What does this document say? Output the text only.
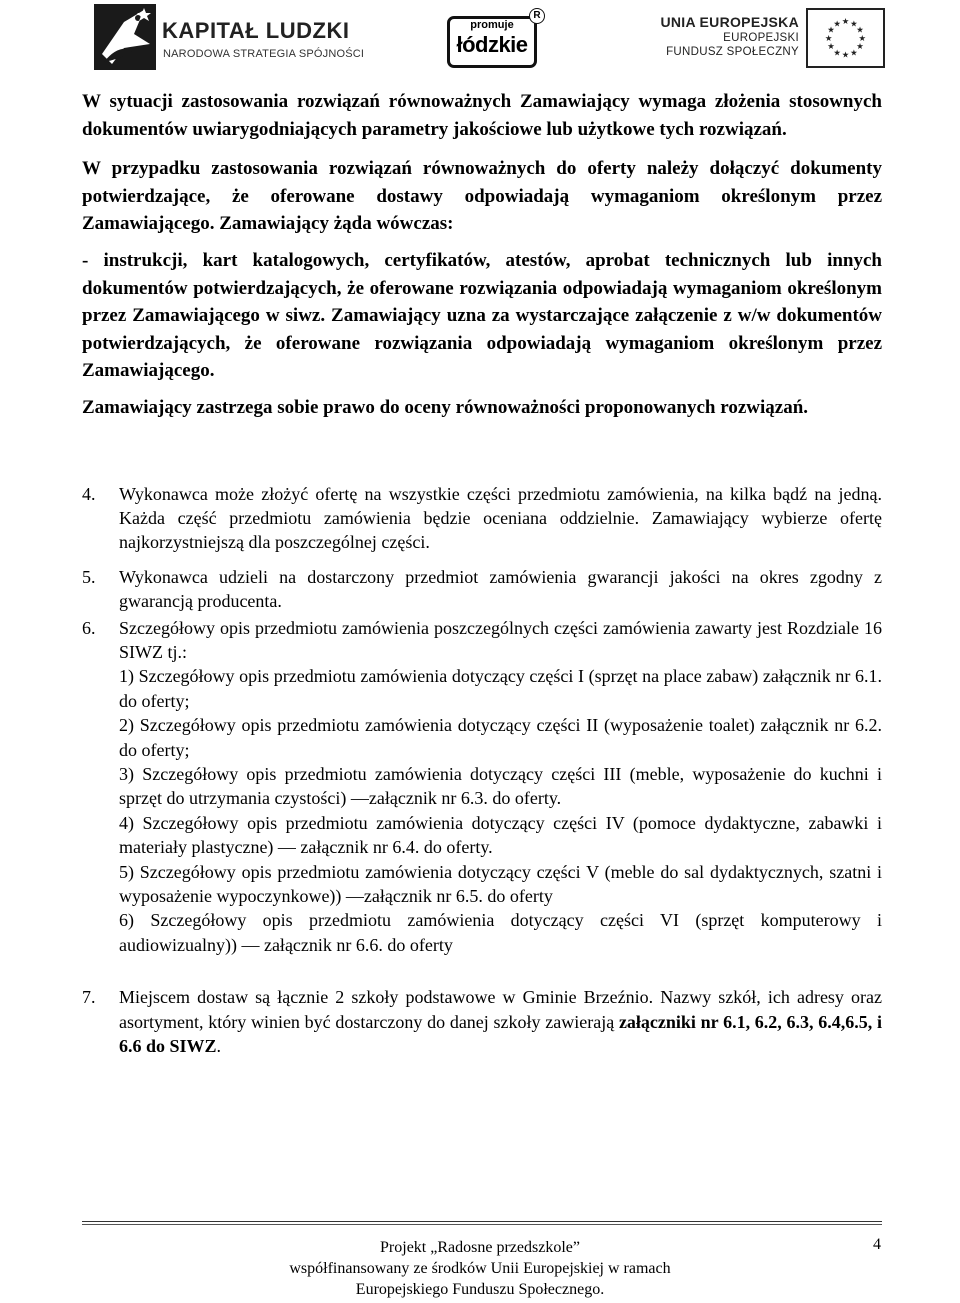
KAPITAŁ LUDZKI
NARODOWA STRATEGIA SPÓJNOŚCI
promuje
łódzkie
R	UNIA EUROPEJSKA
EUROPEJSKI
FUNDUSZ SPOŁECZNY
★ ★
★
★
★
★
★
★
★
★
★
★

W sytuacji zastosowania rozwiązań równoważnych Zamawiający wymaga złożenia stosownych dokumentów uwiarygodniających parametry jakościowe lub użytkowe tych rozwiązań.

W przypadku zastosowania rozwiązań równoważnych do oferty należy dołączyć dokumenty potwierdzające, że oferowane dostawy odpowiadają wymaganiom określonym przez Zamawiającego. Zamawiający żąda wówczas:

- instrukcji, kart katalogowych, certyfikatów, atestów, aprobat technicznych lub innych dokumentów potwierdzających, że oferowane rozwiązania odpowiadają wymaganiom określonym przez Zamawiającego w siwz. Zamawiający uzna za wystarczające załączenie z w/w dokumentów potwierdzających, że oferowane rozwiązania odpowiadają wymaganiom określonym przez Zamawiającego.

Zamawiający zastrzega sobie prawo do oceny równoważności proponowanych rozwiązań.

4. Wykonawca może złożyć ofertę na wszystkie części przedmiotu zamówienia, na kilka bądź na jedną. Każda część przedmiotu zamówienia będzie oceniana oddzielnie. Zamawiający wybierze ofertę najkorzystniejszą dla poszczególnej części.

5. Wykonawca udzieli na dostarczony przedmiot zamówienia gwarancji jakości na okres zgodny z gwarancją producenta.

6. Szczegółowy opis przedmiotu zamówienia poszczególnych części zamówienia zawarty jest Rozdziale 16 SIWZ tj.:

1) Szczegółowy opis przedmiotu zamówienia dotyczący części I (sprzęt na place zabaw) załącznik nr 6.1. do oferty;

2) Szczegółowy opis przedmiotu zamówienia dotyczący części II (wyposażenie toalet) załącznik nr 6.2. do oferty;

3) Szczegółowy opis przedmiotu zamówienia dotyczący części III (meble, wyposażenie do kuchni i sprzęt do utrzymania czystości) —załącznik nr 6.3. do oferty.

4) Szczegółowy opis przedmiotu zamówienia dotyczący części IV (pomoce dydaktyczne, zabawki i materiały plastyczne) — załącznik nr 6.4. do oferty.

5) Szczegółowy opis przedmiotu zamówienia dotyczący części V (meble do sal dydaktycznych, szatni i wyposażenie wypoczynkowe)) —załącznik nr 6.5. do oferty

6) Szczegółowy opis przedmiotu zamówienia dotyczący części VI (sprzęt komputerowy i audiowizualny)) — załącznik nr 6.6. do oferty

7. Miejscem dostaw są łącznie 2 szkoły podstawowe w Gminie Brzeźnio. Nazwy szkół, ich adresy oraz asortyment, który winien być dostarczony do danej szkoły zawierają załączniki nr 6.1, 6.2, 6.3, 6.4,6.5, i 6.6 do SIWZ.

Projekt „Radosne przedszkole”

współfinansowany ze środków Unii Europejskiej w ramach

Europejskiego Funduszu Społecznego.

4
